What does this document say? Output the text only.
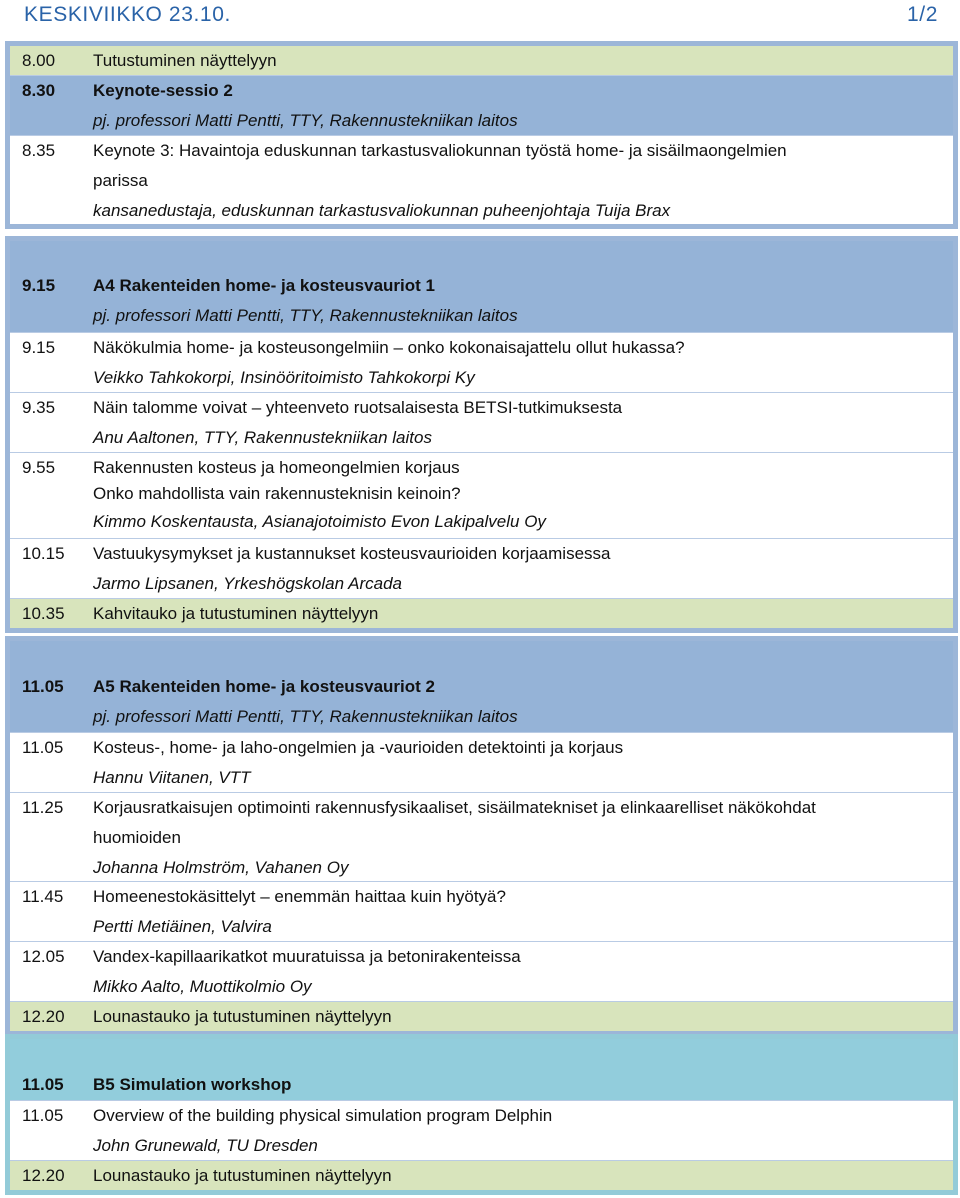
KESKIVIIKKO 23.10.	1/2
8.00	Tutustuminen näyttelyyn
8.30	Keynote-sessio 2
pj. professori Matti Pentti, TTY, Rakennustekniikan laitos
8.35	Keynote 3: Havaintoja eduskunnan tarkastusvaliokunnan työstä home- ja sisäilmaongelmien
parissa
kansanedustaja, eduskunnan tarkastusvaliokunnan puheenjohtaja Tuija Brax
9.15	A4 Rakenteiden home- ja kosteusvauriot 1
pj. professori Matti Pentti, TTY, Rakennustekniikan laitos
9.15	Näkökulmia home- ja kosteusongelmiin – onko kokonaisajattelu ollut hukassa?
Veikko Tahkokorpi, Insinööritoimisto Tahkokorpi Ky
9.35	Näin talomme voivat – yhteenveto ruotsalaisesta BETSI-tutkimuksesta
Anu Aaltonen, TTY, Rakennustekniikan laitos
9.55	Rakennusten kosteus ja homeongelmien korjaus
Onko mahdollista vain rakennusteknisin keinoin?
Kimmo Koskentausta, Asianajotoimisto Evon Lakipalvelu Oy
10.15	Vastuukysymykset ja kustannukset kosteusvaurioiden korjaamisessa
Jarmo Lipsanen, Yrkeshögskolan Arcada
10.35	Kahvitauko ja tutustuminen näyttelyyn
11.05	A5 Rakenteiden home- ja kosteusvauriot 2
pj. professori Matti Pentti, TTY, Rakennustekniikan laitos
11.05	Kosteus-, home- ja laho-ongelmien ja -vaurioiden detektointi ja korjaus
Hannu Viitanen, VTT
11.25	Korjausratkaisujen optimointi rakennusfysikaaliset, sisäilmatekniset ja elinkaarelliset näkökohdat
huomioiden
Johanna Holmström, Vahanen Oy
11.45	Homeenestokäsittelyt – enemmän haittaa kuin hyötyä?
Pertti Metiäinen, Valvira
12.05	Vandex-kapillaarikatkot muuratuissa ja betonirakenteissa
Mikko Aalto, Muottikolmio Oy
12.20	Lounastauko ja tutustuminen näyttelyyn
11.05	B5 Simulation workshop
11.05	Overview of the building physical simulation program Delphin
John Grunewald, TU Dresden
12.20	Lounastauko ja tutustuminen näyttelyyn
